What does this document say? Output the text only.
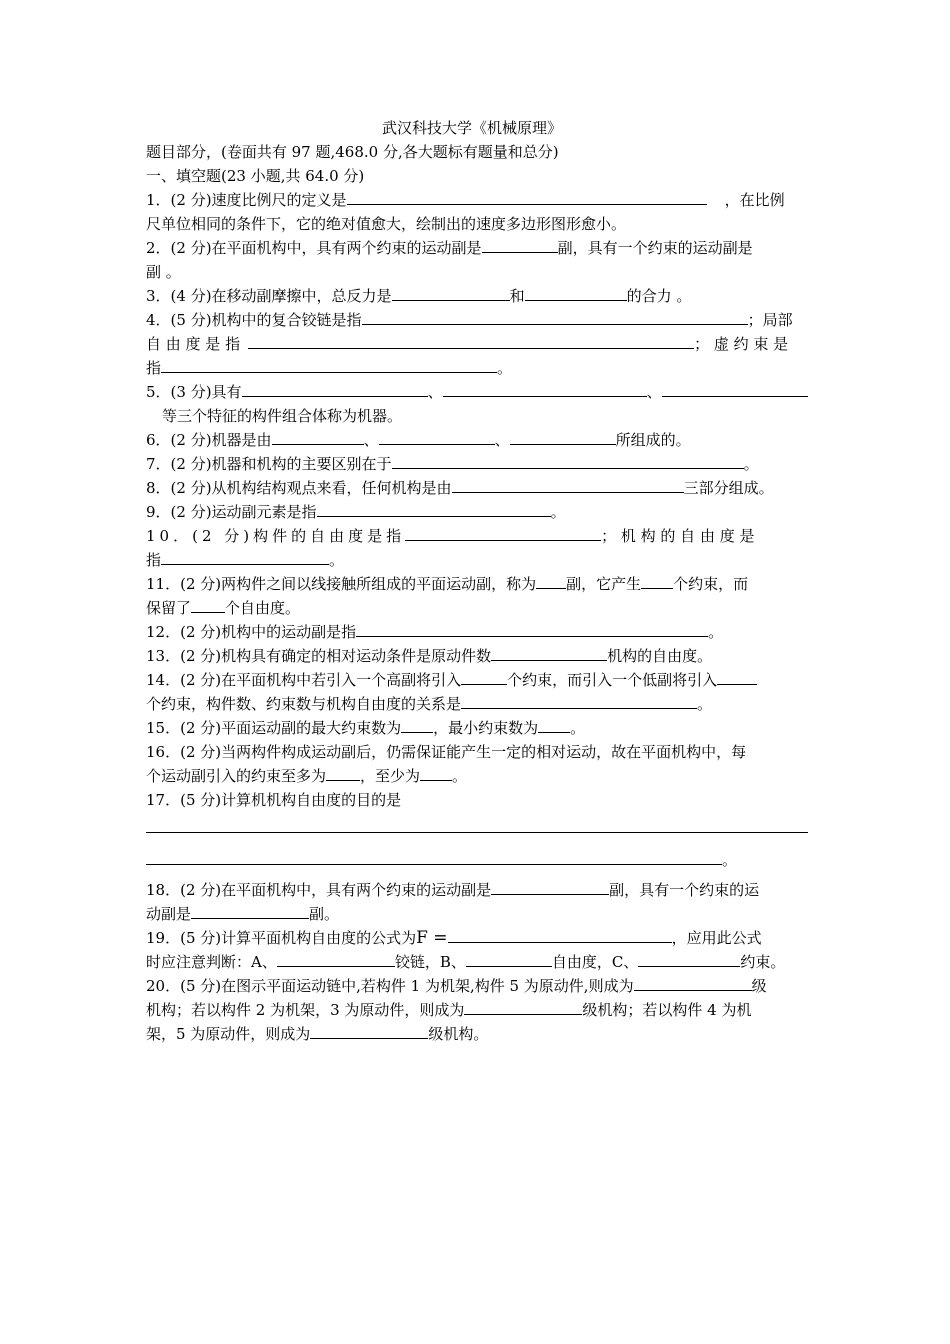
武汉科技大学《机械原理》
题目部分，(卷面共有 97 题,468.0 分,各大题标有题量和总分)
一、填空题(23 小题,共 64.0 分)
1．(2 分)速度比例尺的定义是	，在比例
尺单位相同的条件下，它的绝对值愈大，绘制出的速度多边形图形愈小。
2．(2 分)在平面机构中，具有两个约束的运动副是	副，具有一个约束的运动副是
副 。
3．(4 分)在移动副摩擦中，总反力是	和	的合力 。
4．(5 分)机构中的复合铰链是指	；局部
自 由 度 是 指	； 虚 约 束 是
指	。
5．(3 分)具有	、	、
等三个特征的构件组合体称为机器。
6．(2 分)机器是由	、	、	所组成的。
7．(2 分)机器和机构的主要区别在于	。
8．(2 分)从机构结构观点来看，任何机构是由	三部分组成。
9．(2 分)运动副元素是指	。
10．(2 分)构件的自由度是指	； 机 构 的 自 由 度 是
指	。
11．(2 分)两构件之间以线接触所组成的平面运动副，称为 副，它产生 个约束，而
保留了 个自由度。
12．(2 分)机构中的运动副是指	。
13．(2 分)机构具有确定的相对运动条件是原动件数	机构的自由度。
14．(2 分)在平面机构中若引入一个高副将引入	个约束，而引入一个低副将引入
个约束，构件数、约束数与机构自由度的关系是	。
15．(2 分)平面运动副的最大约束数为 ，最小约束数为 。
16．(2 分)当两构件构成运动副后，仍需保证能产生一定的相对运动，故在平面机构中，每
个运动副引入的约束至多为 ，至少为 。
17．(5 分)计算机机构自由度的目的是
。
18．(2 分)在平面机构中，具有两个约束的运动副是	副，具有一个约束的运
动副是	副。
19．(5 分)计算平面机构自由度的公式为F =	，应用此公式
时应注意判断：A、	铰链，B、	自由度，C、	约束。
20．(5 分)在图示平面运动链中,若构件 1 为机架,构件 5 为原动件,则成为	级
机构；若以构件 2 为机架，3 为原动件，则成为	级机构；若以构件 4 为机
架，5 为原动件，则成为	级机构。
